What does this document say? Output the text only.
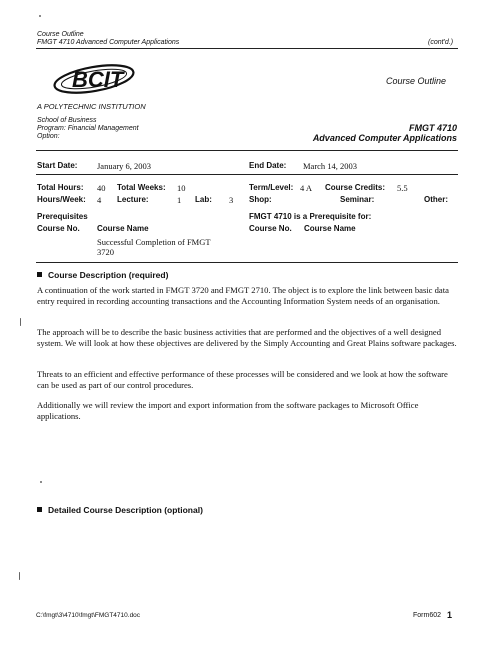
Course Outline
FMGT 4710 Advanced Computer Applications	(cont'd.)
BCIT
A POLYTECHNIC INSTITUTION
Course Outline
School of Business
Program: Financial Management
Option:
FMGT 4710
Advanced Computer Applications
Start Date: January 6, 2003	End Date: March 14, 2003
Total Hours: 40 Total Weeks: 10	Term/Level: 4 A Course Credits: 5.5
Hours/Week: 4 Lecture:	1 Lab: 3 Shop:	Seminar:	Other:
Prerequisites
Course No. Course Name
Successful Completion of FMGT
3720
FMGT 4710 is a Prerequisite for:
Course No. Course Name
Course Description (required)
A continuation of the work started in FMGT 3720 and FMGT 2710. The object is to explore the link between basic data entry required in recording accounting transactions and the Accounting Information System needs of an organisation.
The approach will be to describe the basic business activities that are performed and the objectives of a well designed system. We will look at how these objectives are delivered by the Simply Accounting and Great Plains software packages.
Threats to an efficient and effective performance of these processes will be considered and we look at how the software can be used as part of our control procedures.
Additionally we will review the import and export information from the software packages to Microsoft Office applications.
Detailed Course Description (optional)
C:\fmgt\3\4710\fmgt\FMGT4710.doc	Form602 1
